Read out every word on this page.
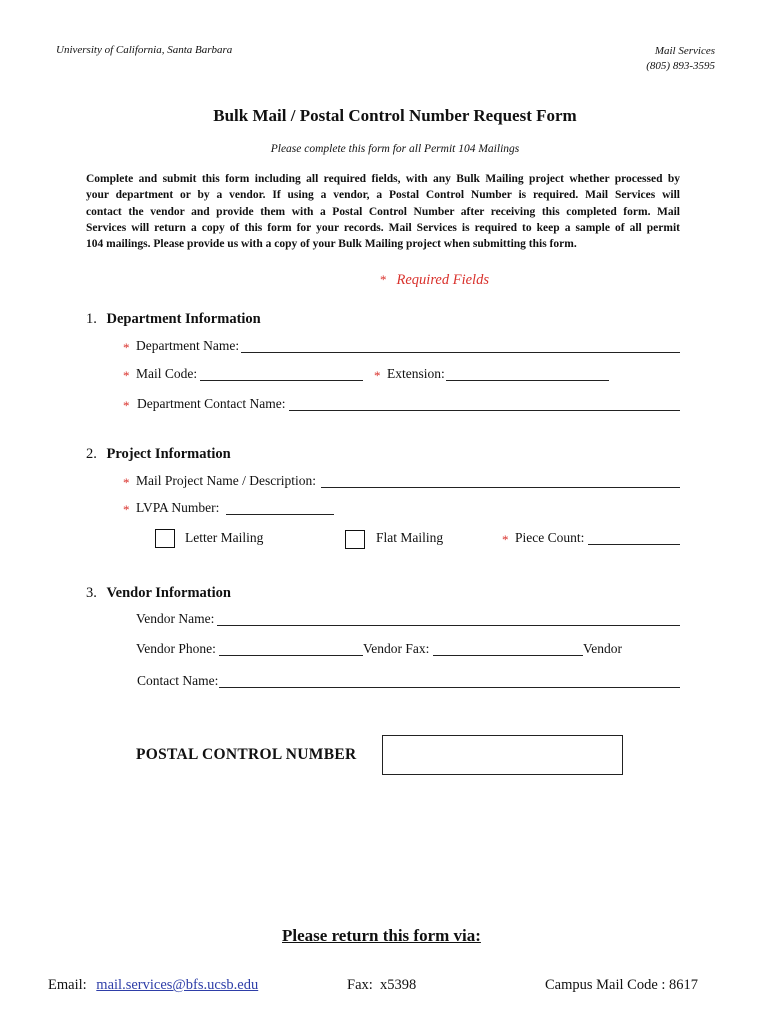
University of California, Santa Barbara	Mail Services
(805) 893-3595
Bulk Mail / Postal Control Number Request Form
Please complete this form for all Permit 104 Mailings
Complete and submit this form including all required fields, with any Bulk Mailing project whether processed by
your department or by a vendor. If using a vendor, a Postal Control Number is required. Mail Services will
contact the vendor and provide them with a Postal Control Number after receiving this completed form. Mail
Services will return a copy of this form for your records. Mail Services is required to keep a sample of all permit
104 mailings. Please provide us with a copy of your Bulk Mailing project when submitting this form.
* Required Fields
1. Department Information
* Department Name:
* Mail Code:	* Extension:
* Department Contact Name:
2. Project Information
* Mail Project Name / Description:
* LVPA Number:
Letter Mailing	Flat Mailing	* Piece Count:
3. Vendor Information
Vendor Name:
Vendor Phone:	Vendor Fax:	Vendor
Contact Name:
POSTAL CONTROL NUMBER
Please return this form via:
Email: mail.services@bfs.ucsb.edu	Fax:  x5398	Campus Mail Code : 8617
